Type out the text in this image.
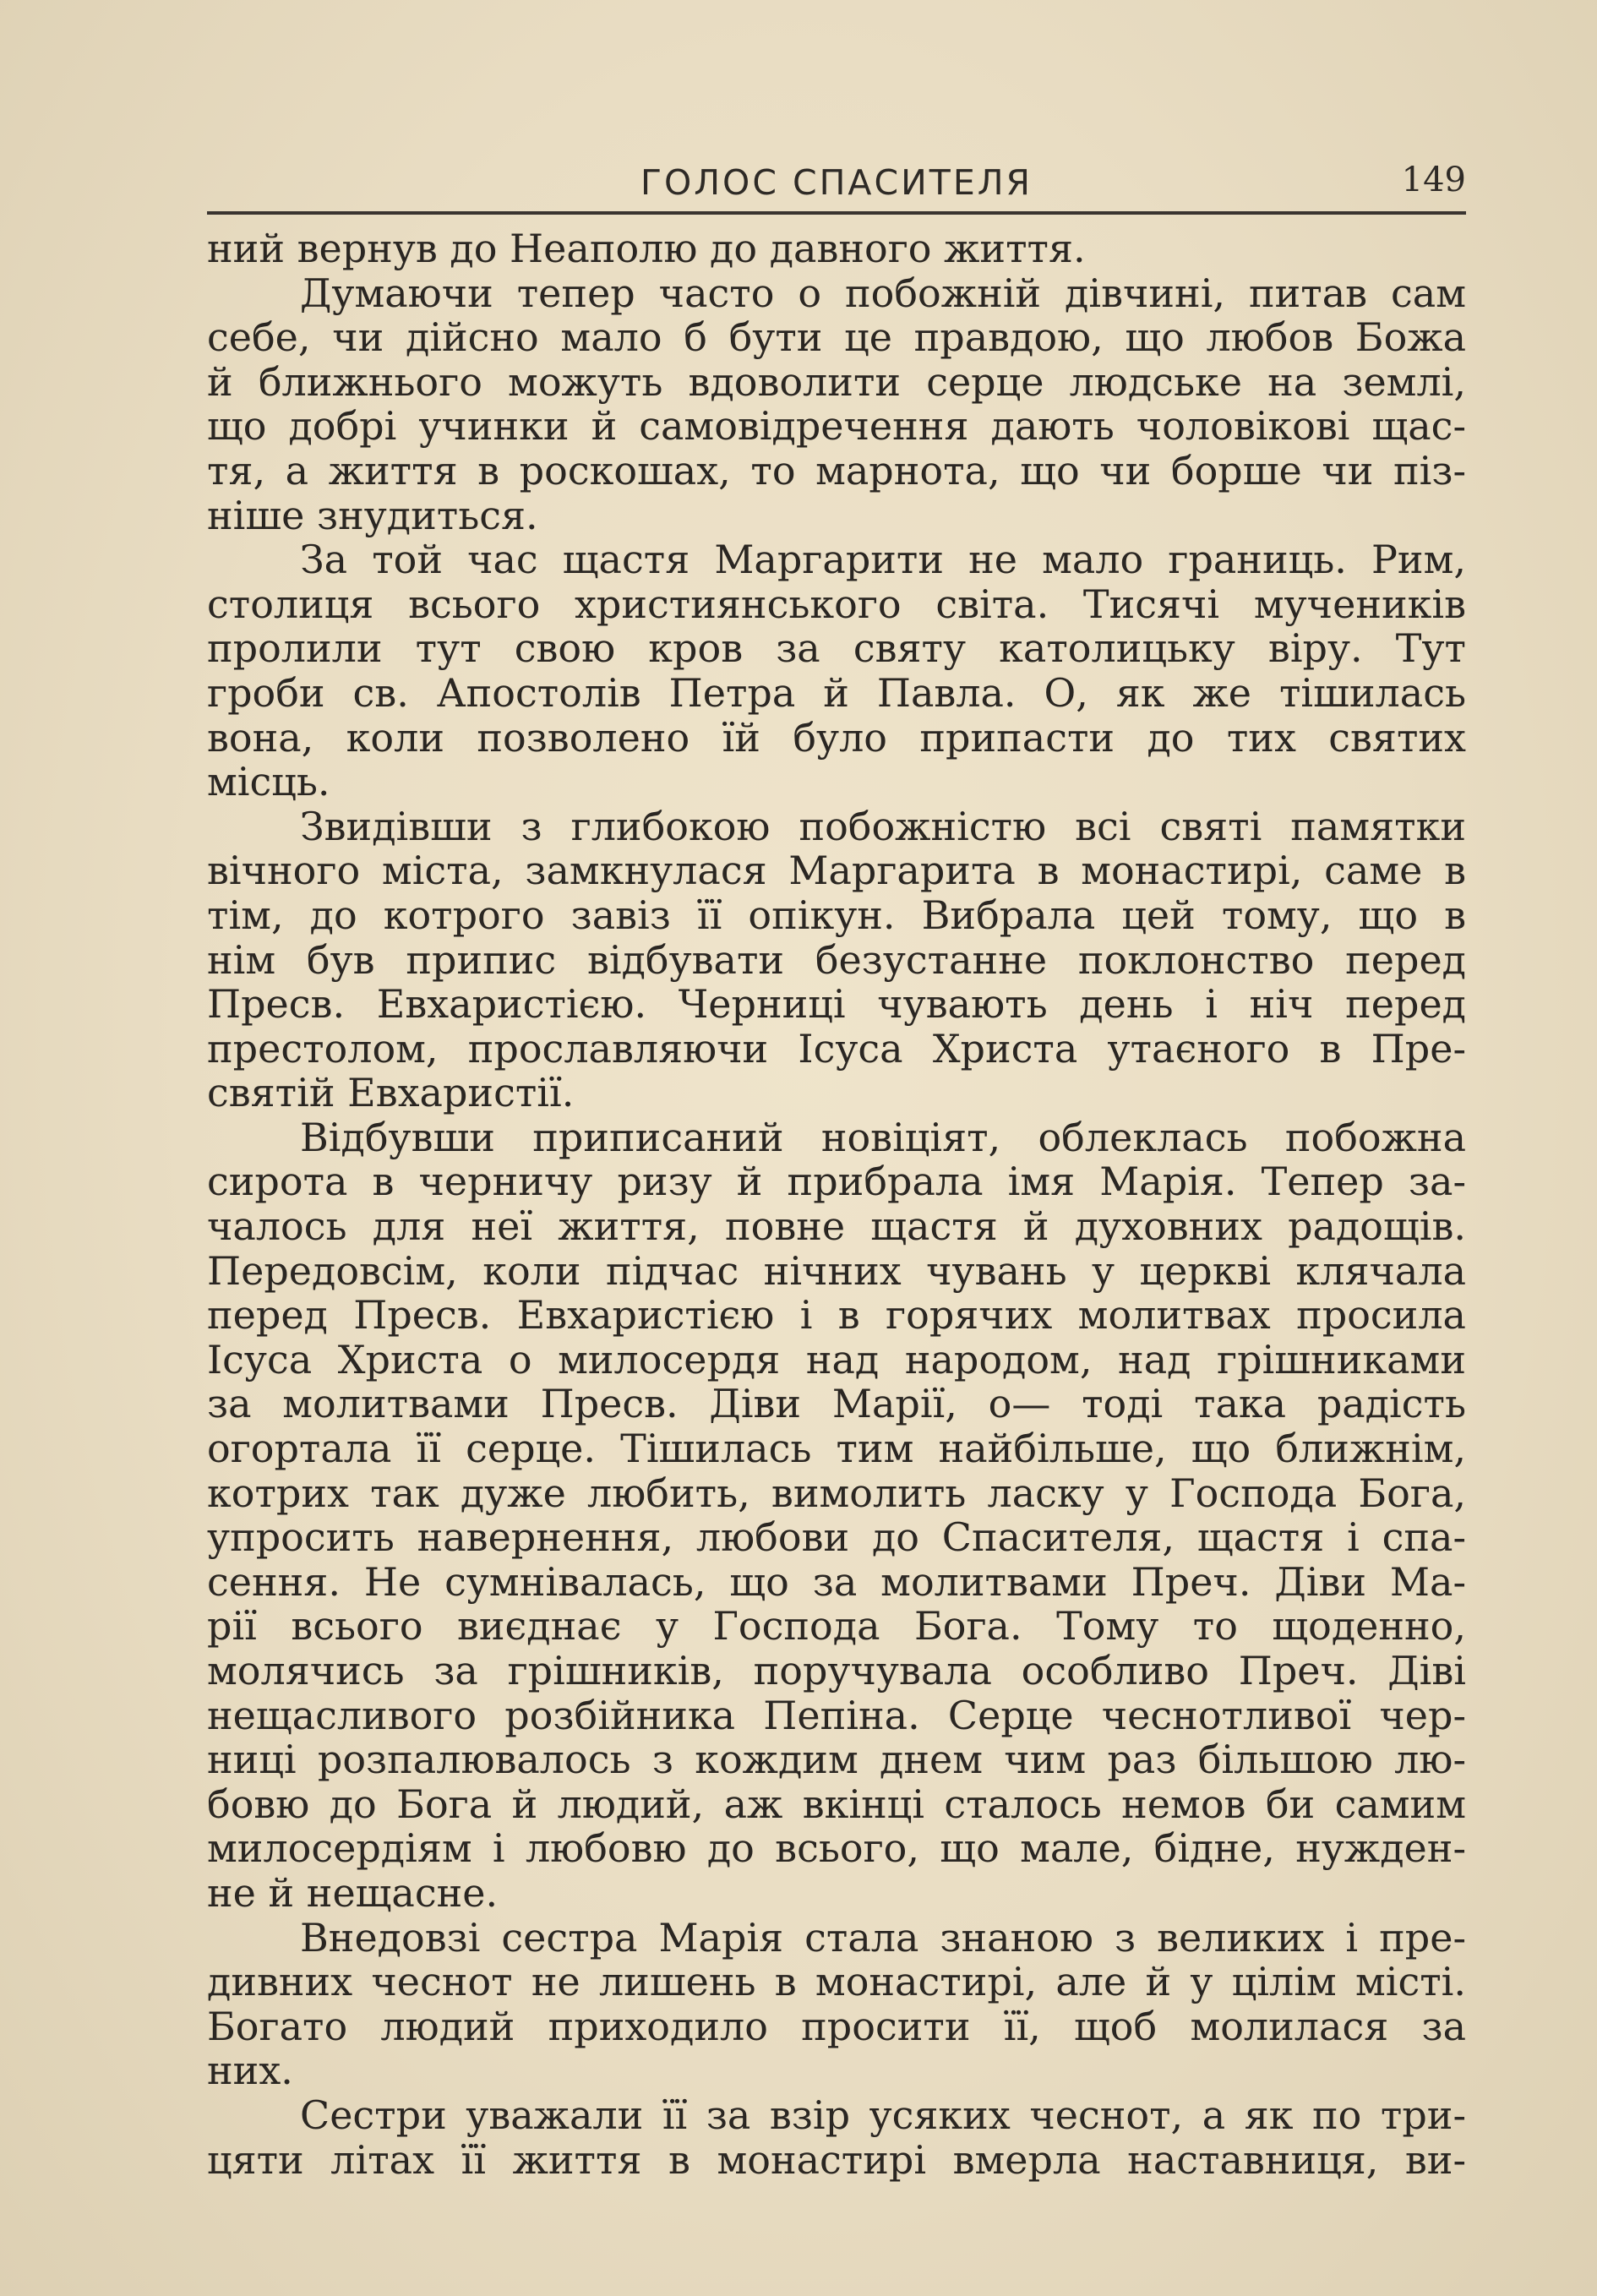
ГОЛОС СПАСИТЕЛЯ	149
ний вернув до Неаполю до давного життя.
Думаючи тепер часто о побожній дівчині, питав сам
себе, чи дійсно мало б бути це правдою, що любов Божа
й ближнього можуть вдоволити серце людське на землі,
що добрі учинки й самовідречення дають чоловікові щас-
тя, а життя в роскошах, то марнота, що чи борше чи піз-
ніше знудиться.
За той час щастя Маргарити не мало границь. Рим,
столиця всього християнського світа. Тисячі мучеників
пролили тут свою кров за святу католицьку віру. Тут
гроби св. Апостолів Петра й Павла. О, як же тішилась
вона, коли позволено їй було припасти до тих святих
місць.
Звидівши з глибокою побожністю всі святі памятки
вічного міста, замкнулася Маргарита в монастирі, саме в
тім, до котрого завіз її опікун. Вибрала цей тому, що в
нім був припис відбувати безустанне поклонство перед
Пресв. Евхаристією. Черниці чувають день і ніч перед
престолом, прославляючи Ісуса Христа утаєного в Пре-
святій Евхаристії.
Відбувши приписаний новіціят, облеклась побожна
сирота в черничу ризу й прибрала імя Марія. Тепер за-
чалось для неї життя, повне щастя й духовних радощів.
Передовсім, коли підчас нічних чувань у церкві клячала
перед Пресв. Евхаристією і в горячих молитвах просила
Ісуса Христа о милосердя над народом, над грішниками
за молитвами Пресв. Діви Марії, о— тоді така радість
огортала її серце. Тішилась тим найбільше, що ближнім,
котрих так дуже любить, вимолить ласку у Господа Бога,
упросить навернення, любови до Спасителя, щастя і спа-
сення. Не сумнівалась, що за молитвами Преч. Діви Ма-
рії всього виєднає у Господа Бога. Тому то щоденно,
молячись за грішників, поручувала особливо Преч. Діві
нещасливого розбійника Пепіна. Серце чеснотливої чер-
ниці розпалювалось з кождим днем чим раз більшою лю-
бовю до Бога й людий, аж вкінці сталось немов би самим
милосердіям і любовю до всього, що мале, бідне, нужден-
не й нещасне.
Внедовзі сестра Марія стала знаною з великих і пре-
дивних чеснот не лишень в монастирі, але й у цілім місті.
Богато людий приходило просити її, щоб молилася за
них.
Сестри уважали її за взір усяких чеснот, а як по три-
цяти літах її життя в монастирі вмерла наставниця, ви-
